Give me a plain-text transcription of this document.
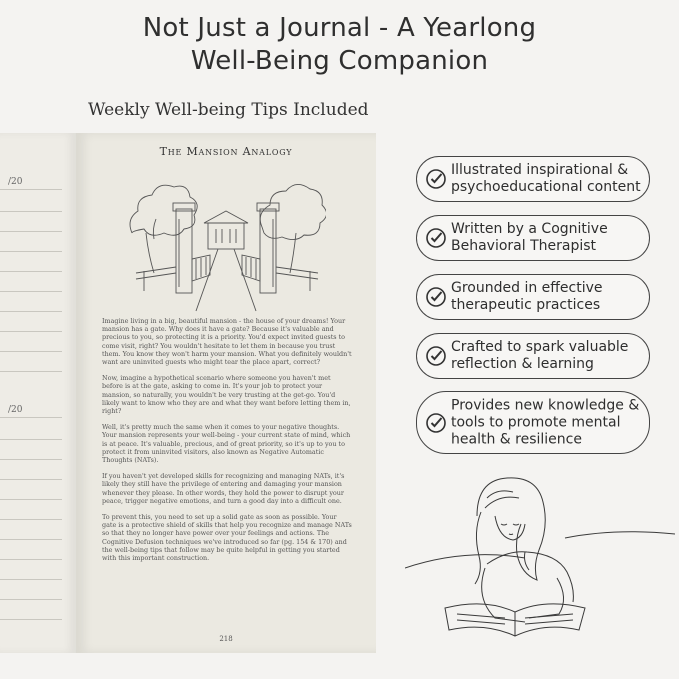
Not Just a Journal - A Yearlong
Well-Being Companion
Weekly Well-being Tips Included
/20
/20
The Mansion Analogy

Imagine living in a big, beautiful mansion - the house of your dreams! Your mansion has a gate. Why does it have a gate? Because it's valuable and precious to you, so protecting it is a priority. You'd expect invited guests to come visit, right? You wouldn't hesitate to let them in because you trust them. You know they won't harm your mansion. What you definitely wouldn't want are uninvited guests who might tear the place apart, correct?

Now, imagine a hypothetical scenario where someone you haven't met before is at the gate, asking to come in. It's your job to protect your mansion, so naturally, you wouldn't be very trusting at the get-go. You'd likely want to know who they are and what they want before letting them in, right?

Well, it's pretty much the same when it comes to your negative thoughts. Your mansion represents your well-being - your current state of mind, which is at peace. It's valuable, precious, and of great priority, so it's up to you to protect it from uninvited visitors, also known as Negative Automatic Thoughts (NATs).

If you haven't yet developed skills for recognizing and managing NATs, it's likely they still have the privilege of entering and damaging your mansion whenever they please. In other words, they hold the power to disrupt your peace, trigger negative emotions, and turn a good day into a difficult one.

To prevent this, you need to set up a solid gate as soon as possible. Your gate is a protective shield of skills that help you recognize and manage NATs so that they no longer have power over your feelings and actions. The Cognitive Defusion techniques we've introduced so far (pg. 154 & 170) and the well-being tips that follow may be quite helpful in getting you started with this important construction.

218
Illustrated inspirational &
psychoeducational content
Written by a Cognitive
Behavioral Therapist
Grounded in effective
therapeutic practices
Crafted to spark valuable
reflection & learning
Provides new knowledge &
tools to promote mental
health & resilience
